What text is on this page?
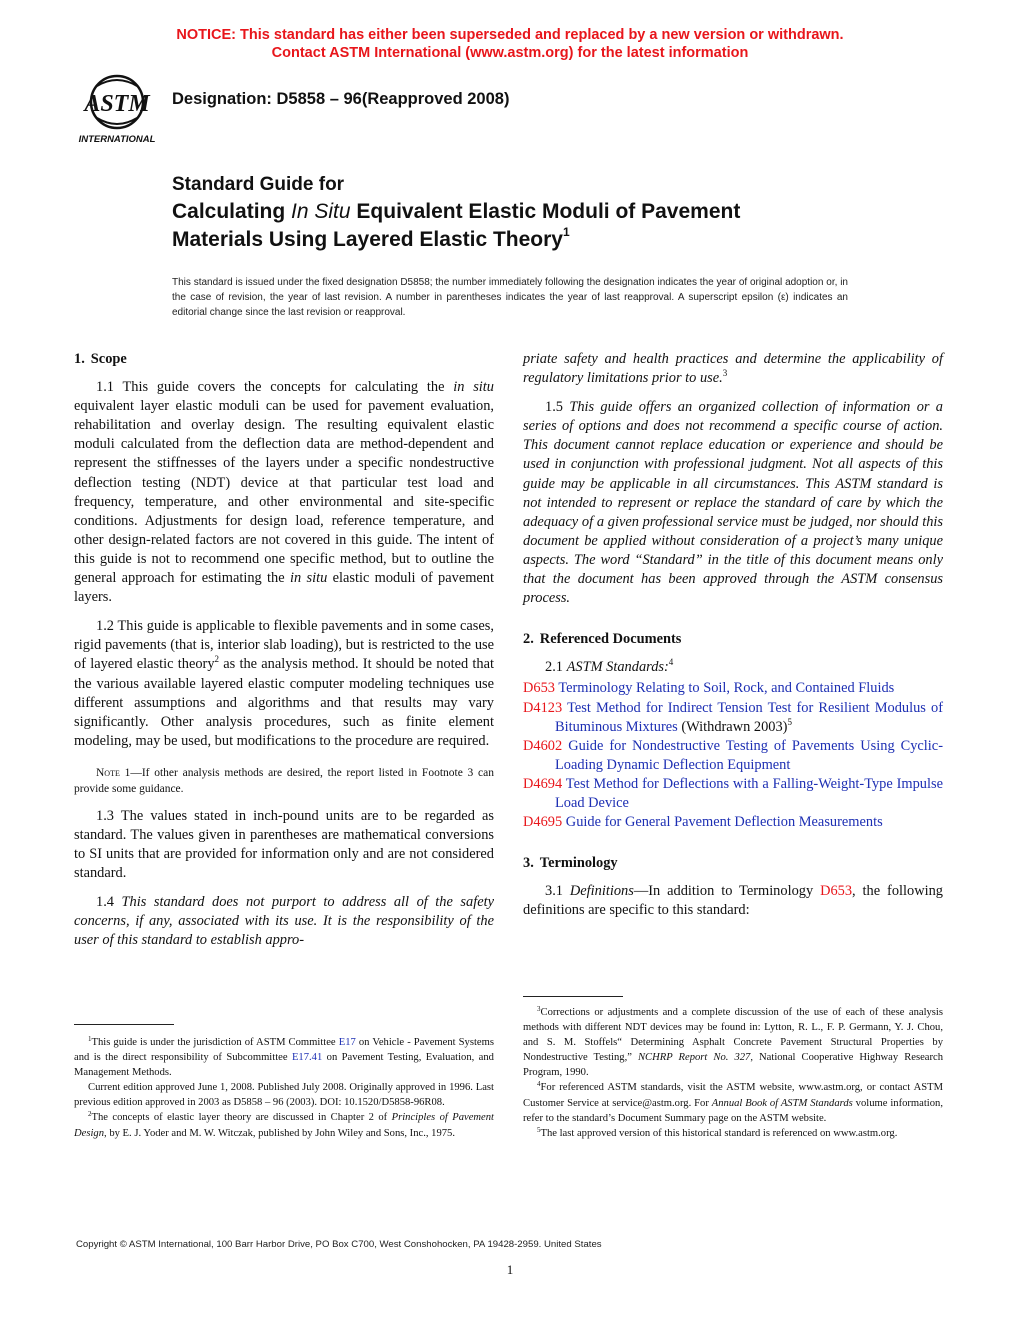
NOTICE: This standard has either been superseded and replaced by a new version or withdrawn.
Contact ASTM International (www.astm.org) for the latest information
ASTM
INTERNATIONAL
Designation: D5858 – 96(Reapproved 2008)
Standard Guide for
Calculating In Situ Equivalent Elastic Moduli of Pavement
Materials Using Layered Elastic Theory$^1$
This standard is issued under the fixed designation D5858; the number immediately following the designation indicates the year of original adoption or, in the case of revision, the year of last revision. A number in parentheses indicates the year of last reapproval. A superscript epsilon (ε) indicates an editorial change since the last revision or reapproval.
1. Scope

1.1 This guide covers the concepts for calculating the in situ equivalent layer elastic moduli can be used for pavement evaluation, rehabilitation and overlay design. The resulting equivalent elastic moduli calculated from the deflection data are method-dependent and represent the stiffnesses of the layers under a specific nondestructive deflection testing (NDT) device at that particular test load and frequency, temperature, and other environmental and site-specific conditions. Adjustments for design load, reference temperature, and other design-related factors are not covered in this guide. The intent of this guide is not to recommend one specific method, but to outline the general approach for estimating the in situ elastic moduli of pavement layers.

1.2 This guide is applicable to flexible pavements and in some cases, rigid pavements (that is, interior slab loading), but is restricted to the use of layered elastic theory$^2$ as the analysis method. It should be noted that the various available layered elastic computer modeling techniques use different assumptions and algorithms and that results may vary significantly. Other analysis procedures, such as finite element modeling, may be used, but modifications to the procedure are required.

Note 1—If other analysis methods are desired, the report listed in Footnote 3 can provide some guidance.

1.3 The values stated in inch-pound units are to be regarded as standard. The values given in parentheses are mathematical conversions to SI units that are provided for information only and are not considered standard.

1.4 This standard does not purport to address all of the safety concerns, if any, associated with its use. It is the responsibility of the user of this standard to establish appro-

priate safety and health practices and determine the applicability of regulatory limitations prior to use.$^3$

1.5 This guide offers an organized collection of information or a series of options and does not recommend a specific course of action. This document cannot replace education or experience and should be used in conjunction with professional judgment. Not all aspects of this guide may be applicable in all circumstances. This ASTM standard is not intended to represent or replace the standard of care by which the adequacy of a given professional service must be judged, nor should this document be applied without consideration of a project’s many unique aspects. The word “Standard” in the title of this document means only that the document has been approved through the ASTM consensus process.

2. Referenced Documents

2.1 ASTM Standards:$^4$

D653 Terminology Relating to Soil, Rock, and Contained Fluids
D4123 Test Method for Indirect Tension Test for Resilient Modulus of Bituminous Mixtures (Withdrawn 2003)$^5$
D4602 Guide for Nondestructive Testing of Pavements Using Cyclic-Loading Dynamic Deflection Equipment
D4694 Test Method for Deflections with a Falling-Weight-Type Impulse Load Device
D4695 Guide for General Pavement Deflection Measurements
3. Terminology

3.1 Definitions—In addition to Terminology D653, the following definitions are specific to this standard:

$^1$This guide is under the jurisdiction of ASTM Committee E17 on Vehicle - Pavement Systems and is the direct responsibility of Subcommittee E17.41 on Pavement Testing, Evaluation, and Management Methods.
Current edition approved June 1, 2008. Published July 2008. Originally approved in 1996. Last previous edition approved in 2003 as D5858 – 96 (2003). DOI: 10.1520/D5858-96R08.
$^2$The concepts of elastic layer theory are discussed in Chapter 2 of Principles of Pavement Design, by E. J. Yoder and M. W. Witczak, published by John Wiley and Sons, Inc., 1975.
$^3$Corrections or adjustments and a complete discussion of the use of each of these analysis methods with different NDT devices may be found in: Lytton, R. L., F. P. Germann, Y. J. Chou, and S. M. Stoffels“ Determining Asphalt Concrete Pavement Structural Properties by Nondestructive Testing,” NCHRP Report No. 327, National Cooperative Highway Research Program, 1990.
$^4$For referenced ASTM standards, visit the ASTM website, www.astm.org, or contact ASTM Customer Service at service@astm.org. For Annual Book of ASTM Standards volume information, refer to the standard’s Document Summary page on the ASTM website.
$^5$The last approved version of this historical standard is referenced on www.astm.org.
Copyright © ASTM International, 100 Barr Harbor Drive, PO Box C700, West Conshohocken, PA 19428-2959. United States
1
